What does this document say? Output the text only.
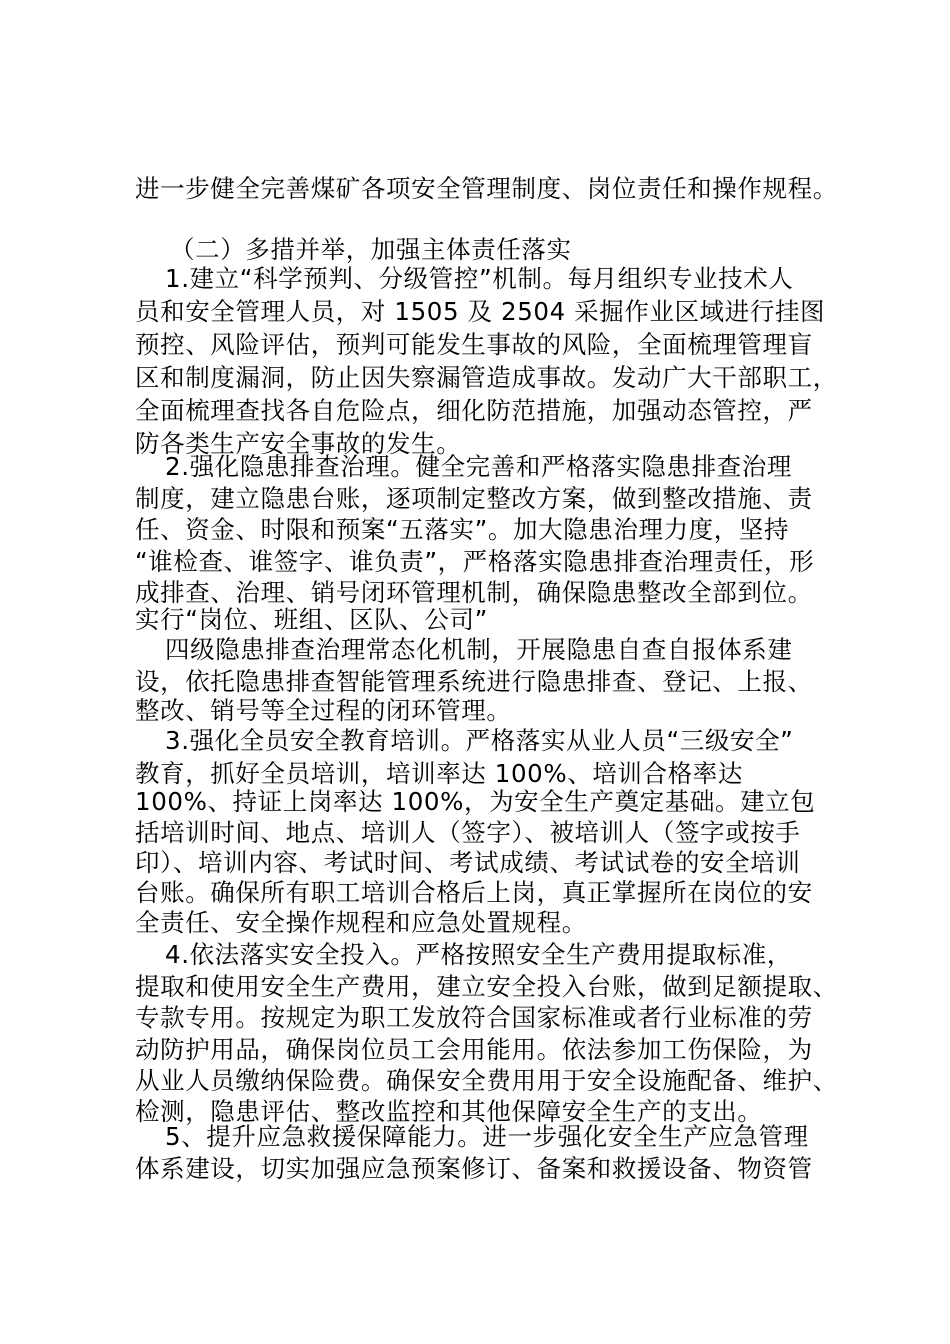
进一步健全完善煤矿各项安全管理制度、岗位责任和操作规程。

（二）多措并举，加强主体责任落实

1.建立“科学预判、分级管控”机制。每月组织专业技术人

员和安全管理人员，对 1505 及 2504 采掘作业区域进行挂图

预控、风险评估，预判可能发生事故的风险，全面梳理管理盲

区和制度漏洞，防止因失察漏管造成事故。发动广大干部职工，

全面梳理查找各自危险点，细化防范措施，加强动态管控，严

防各类生产安全事故的发生。

2.强化隐患排查治理。健全完善和严格落实隐患排查治理

制度，建立隐患台账，逐项制定整改方案，做到整改措施、责

任、资金、时限和预案“五落实”。加大隐患治理力度，坚持

“谁检查、谁签字、谁负责”，严格落实隐患排查治理责任，形

成排查、治理、销号闭环管理机制，确保隐患整改全部到位。

实行“岗位、班组、区队、公司”

四级隐患排查治理常态化机制，开展隐患自查自报体系建

设，依托隐患排查智能管理系统进行隐患排查、登记、上报、

整改、销号等全过程的闭环管理。

3.强化全员安全教育培训。严格落实从业人员“三级安全”

教育，抓好全员培训，培训率达 100%、培训合格率达

100%、持证上岗率达 100%，为安全生产奠定基础。建立包

括培训时间、地点、培训人（签字）、被培训人（签字或按手

印）、培训内容、考试时间、考试成绩、考试试卷的安全培训

台账。确保所有职工培训合格后上岗，真正掌握所在岗位的安

全责任、安全操作规程和应急处置规程。

4.依法落实安全投入。严格按照安全生产费用提取标准，

提取和使用安全生产费用，建立安全投入台账，做到足额提取、

专款专用。按规定为职工发放符合国家标准或者行业标准的劳

动防护用品，确保岗位员工会用能用。依法参加工伤保险，为

从业人员缴纳保险费。确保安全费用用于安全设施配备、维护、

检测，隐患评估、整改监控和其他保障安全生产的支出。

5、提升应急救援保障能力。进一步强化安全生产应急管理

体系建设，切实加强应急预案修订、备案和救援设备、物资管
